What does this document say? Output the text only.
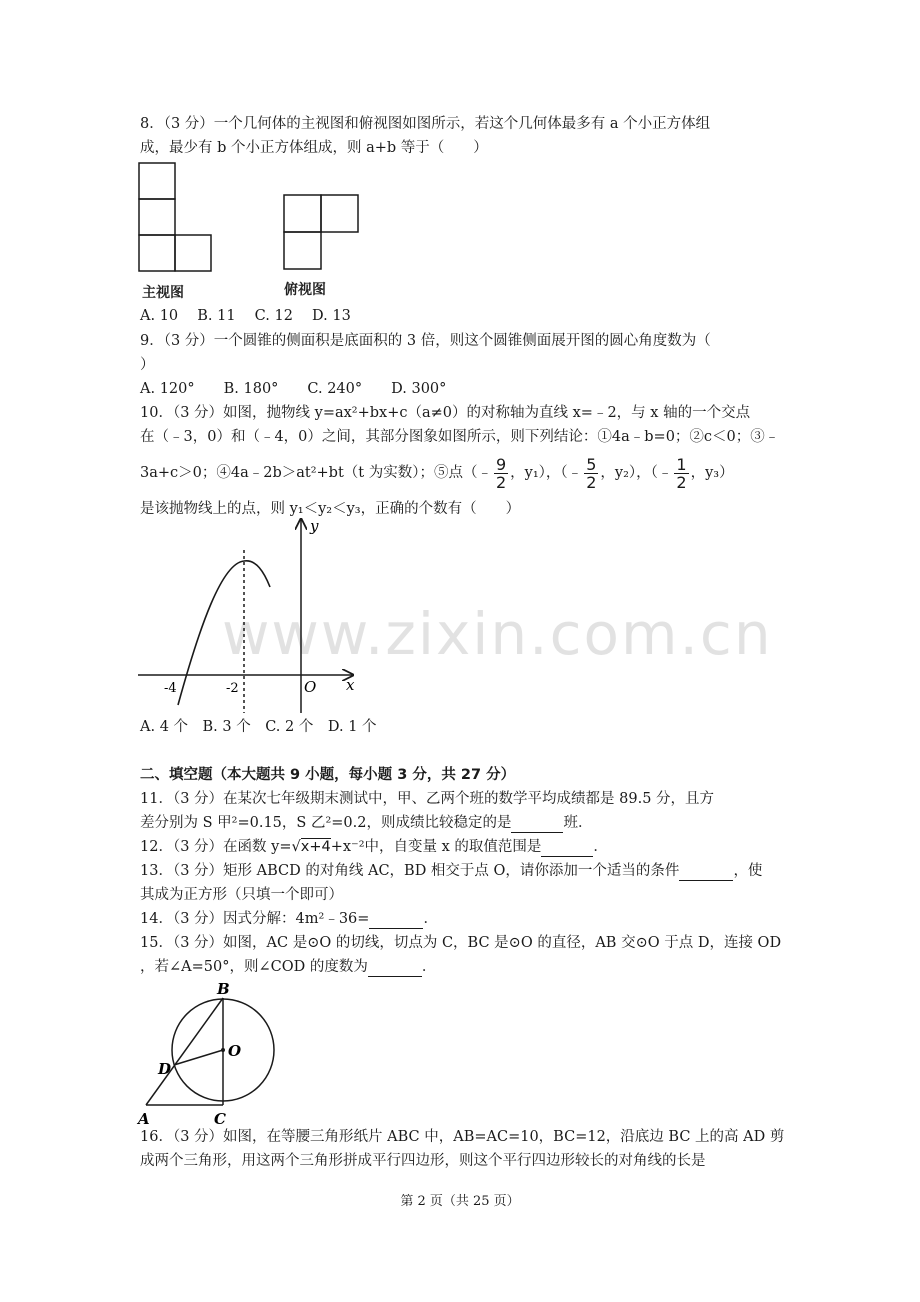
www.zixin.com.cn
8．（3 分）一个几何体的主视图和俯视图如图所示，若这个几何体最多有 a 个小正方体组
成，最少有 b 个小正方体组成，则 a+b 等于（　　）
主视图	俯视图
A. 10　 B. 11　 C. 12　 D. 13
9．（3 分）一个圆锥的侧面积是底面积的 3 倍，则这个圆锥侧面展开图的圆心角度数为（
）
A. 120°　　B. 180°　　C. 240°　　D. 300°
10．（3 分）如图，抛物线 y=ax²+bx+c（a≠0）的对称轴为直线 x=﹣2，与 x 轴的一个交点
在（﹣3，0）和（﹣4，0）之间，其部分图象如图所示，则下列结论：①4a﹣b=0；②c＜0；③﹣
3a+c＞0；④4a﹣2b＞at²+bt（t 为实数）；⑤点（﹣ $\frac{9}{2}$ ，y₁），（﹣ $\frac{5}{2}$ ，y₂），（﹣ $\frac{1}{2}$ ，y₃）
是该抛物线上的点，则 y₁＜y₂＜y₃，正确的个数有（　　）
y
x
O
-4	-2
A. 4 个　B. 3 个　C. 2 个　D. 1 个
二、填空题（本大题共 9 小题，每小题 3 分，共 27 分）
11．（3 分）在某次七年级期末测试中，甲、乙两个班的数学平均成绩都是 89.5 分，且方
差分别为 S 甲²=0.15，S 乙²=0.2，则成绩比较稳定的是	班．
12．（3 分）在函数 y=√x+4+x⁻²中，自变量 x 的取值范围是	．
13．（3 分）矩形 ABCD 的对角线 AC，BD 相交于点 O，请你添加一个适当的条件	，使
其成为正方形（只填一个即可）
14．（3 分）因式分解：4m²﹣36=	．
15．（3 分）如图，AC 是⊙O 的切线，切点为 C，BC 是⊙O 的直径，AB 交⊙O 于点 D，连接 OD
，若∠A=50°，则∠COD 的度数为	．
B
O
D
A	C
16．（3 分）如图，在等腰三角形纸片 ABC 中，AB=AC=10，BC=12，沿底边 BC 上的高 AD 剪
成两个三角形，用这两个三角形拼成平行四边形，则这个平行四边形较长的对角线的长是
第 2 页（共 25 页）
